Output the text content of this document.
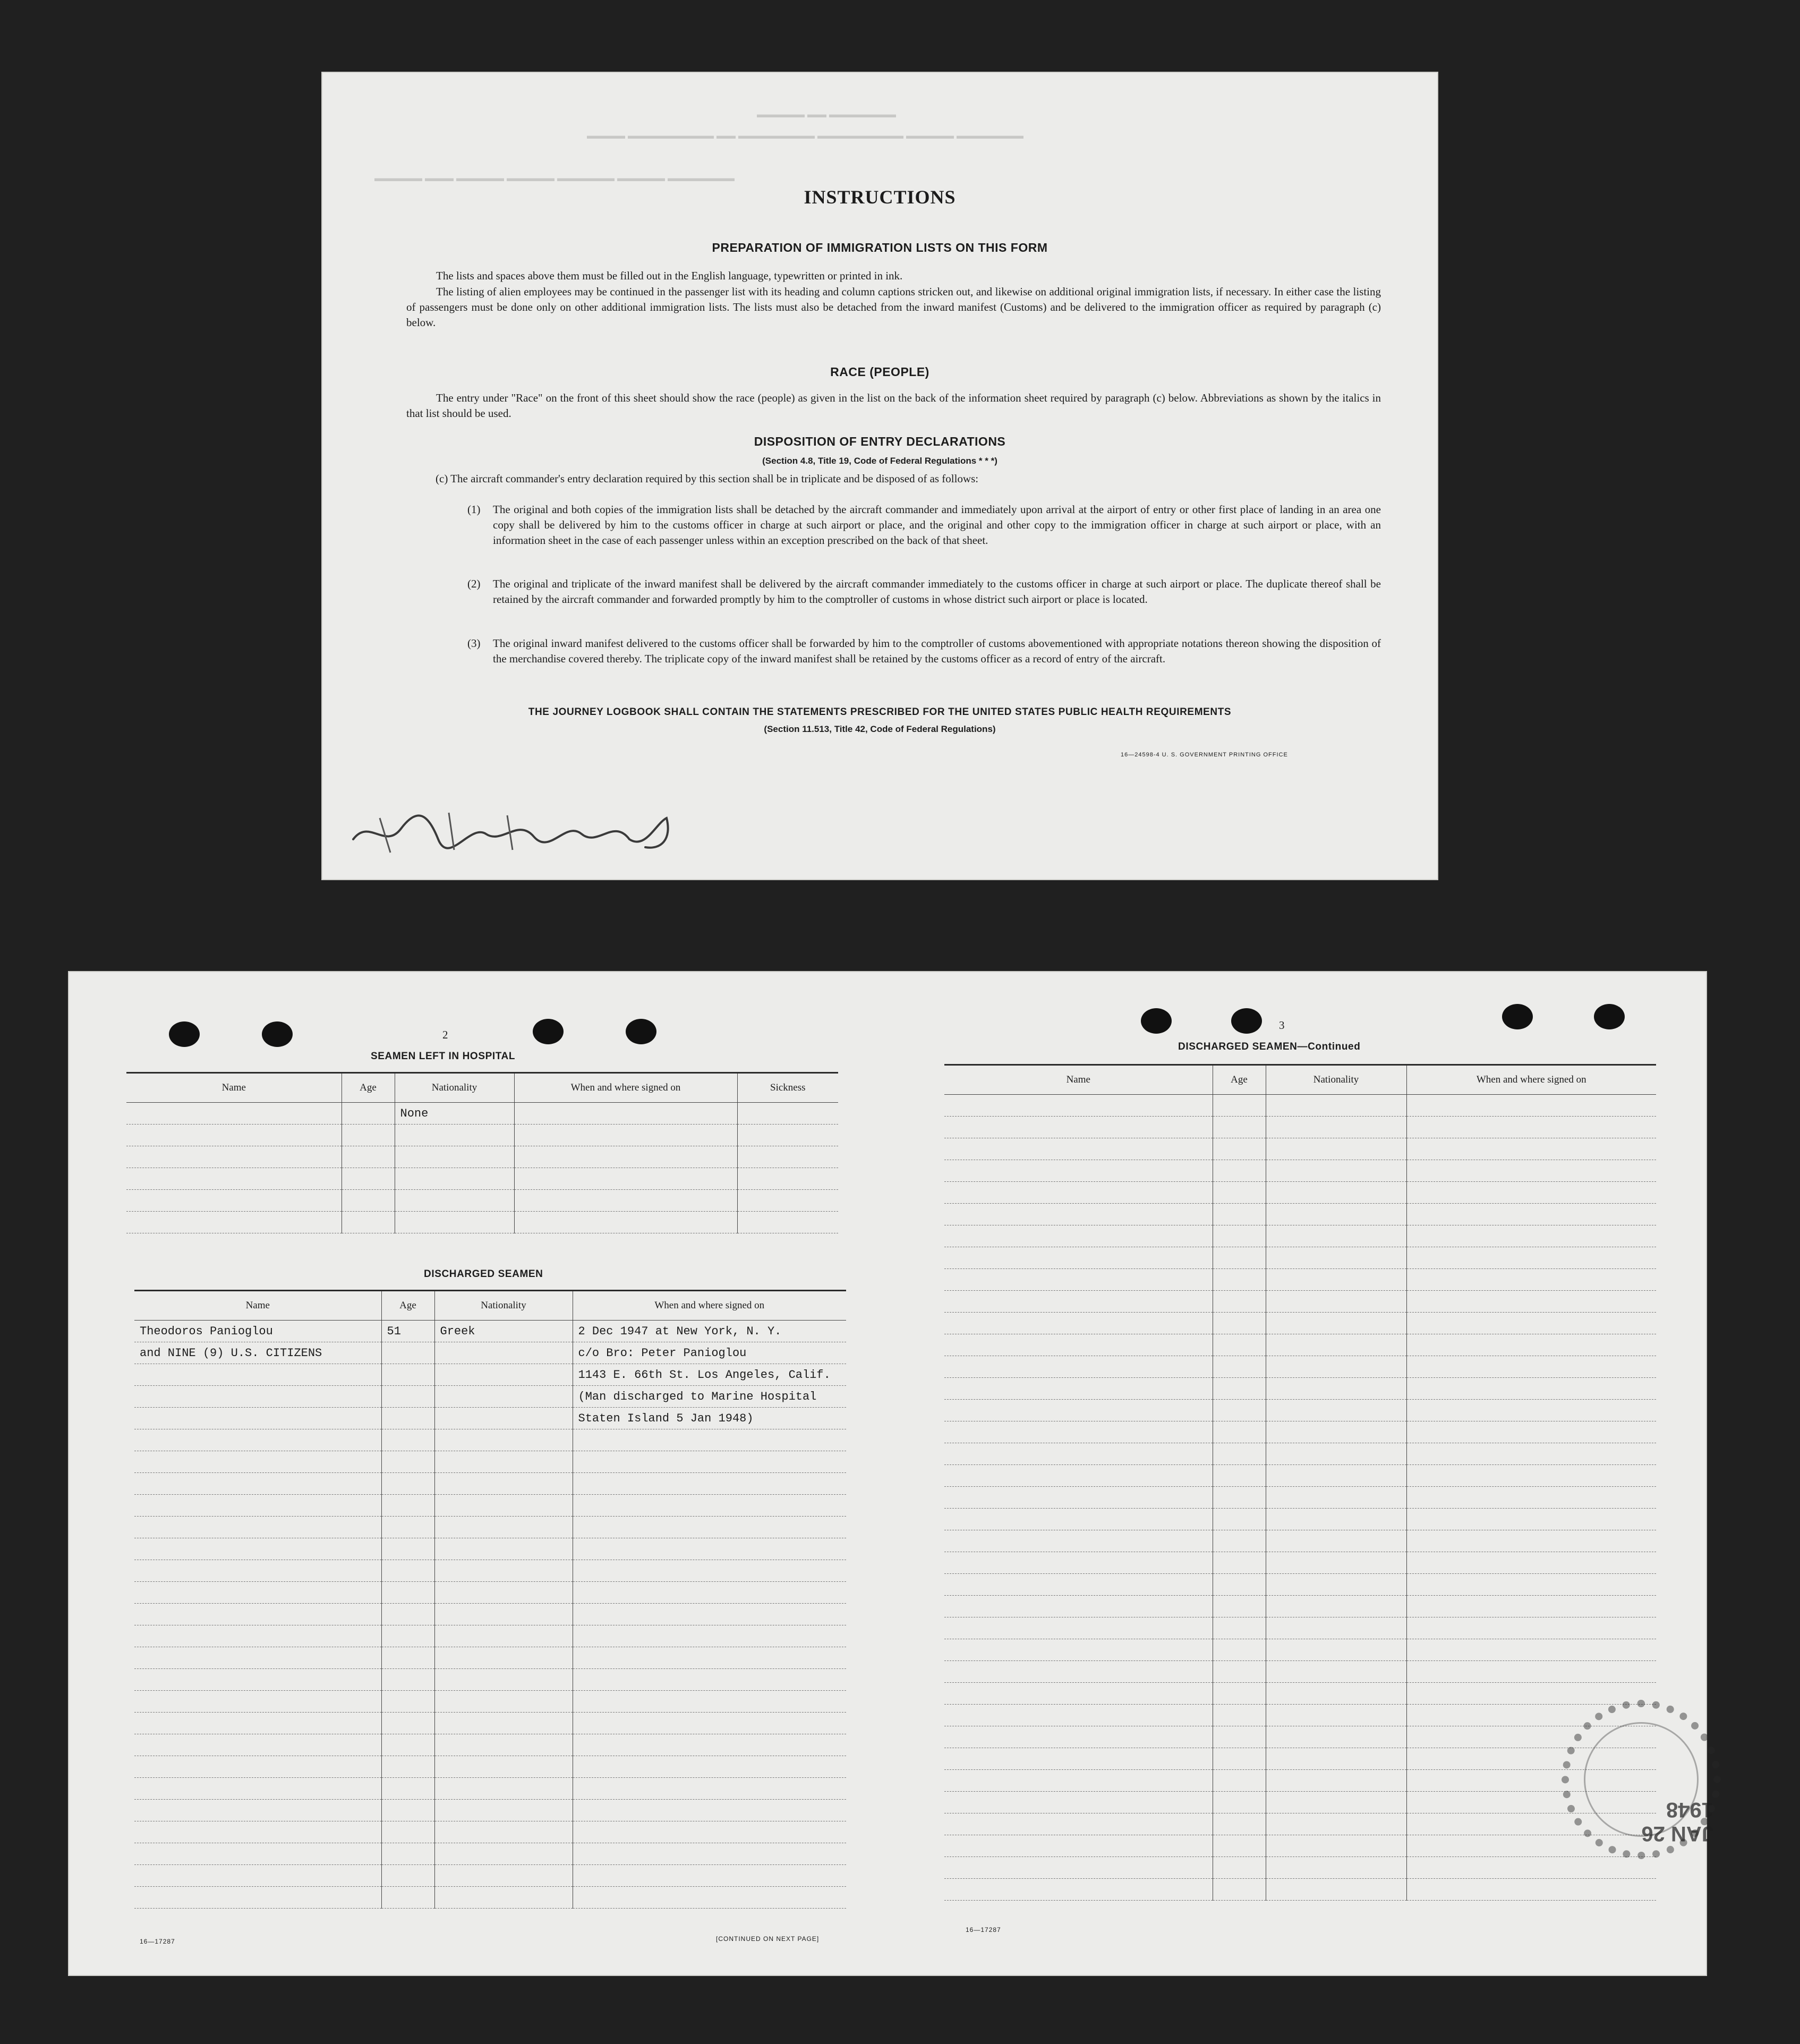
▬▬▬▬▬ ▬▬ ▬▬▬▬▬▬▬
▬▬▬▬ ▬▬▬▬▬▬▬▬▬ ▬▬ ▬▬▬▬▬▬▬▬ ▬▬▬▬▬▬▬▬▬ ▬▬▬▬▬ ▬▬▬▬▬▬▬
▬▬▬▬▬ ▬▬▬ ▬▬▬▬▬ ▬▬▬▬▬ ▬▬▬▬▬▬ ▬▬▬▬▬ ▬▬▬▬▬▬▬
INSTRUCTIONS
PREPARATION OF IMMIGRATION LISTS ON THIS FORM
The lists and spaces above them must be filled out in the English language, typewritten or printed in ink.
The listing of alien employees may be continued in the passenger list with its heading and column captions stricken out, and likewise on additional original immigration lists, if necessary. In either case the listing of passengers must be done only on other additional immigration lists. The lists must also be detached from the inward manifest (Customs) and be delivered to the immigration officer as required by paragraph (c) below.
RACE (PEOPLE)
The entry under "Race" on the front of this sheet should show the race (people) as given in the list on the back of the information sheet required by paragraph (c) below. Abbreviations as shown by the italics in that list should be used.
DISPOSITION OF ENTRY DECLARATIONS
(Section 4.8, Title 19, Code of Federal Regulations * * *)
(c) The aircraft commander's entry declaration required by this section shall be in triplicate and be disposed of as follows:
(1)	The original and both copies of the immigration lists shall be detached by the aircraft commander and immediately upon arrival at the airport of entry or other first place of landing in an area one copy shall be delivered by him to the customs officer in charge at such airport or place, and the original and other copy to the immigration officer in charge at such airport or place, with an information sheet in the case of each passenger unless within an exception prescribed on the back of that sheet.
(2)	The original and triplicate of the inward manifest shall be delivered by the aircraft commander immediately to the customs officer in charge at such airport or place. The duplicate thereof shall be retained by the aircraft commander and forwarded promptly by him to the comptroller of customs in whose district such airport or place is located.
(3)	The original inward manifest delivered to the customs officer shall be forwarded by him to the comptroller of customs abovementioned with appropriate notations thereon showing the disposition of the merchandise covered thereby. The triplicate copy of the inward manifest shall be retained by the customs officer as a record of entry of the aircraft.
THE JOURNEY LOGBOOK SHALL CONTAIN THE STATEMENTS PRESCRIBED FOR THE UNITED STATES PUBLIC HEALTH REQUIREMENTS
(Section 11.513, Title 42, Code of Federal Regulations)
16—24598-4 U. S. GOVERNMENT PRINTING OFFICE
2
SEAMEN LEFT IN HOSPITAL
Name	Age	Nationality	When and where signed on	Sickness
		None		

DISCHARGED SEAMEN
Name	Age	Nationality	When and where signed on
Theodoros Panioglou	51	Greek	2 Dec 1947 at New York, N. Y.
and NINE (9) U.S. CITIZENS			c/o Bro: Peter Panioglou
			1143 E. 66th St. Los Angeles, Calif.
			(Man discharged to Marine Hospital
			Staten Island 5 Jan 1948)

16—17287	[CONTINUED ON NEXT PAGE]
3
DISCHARGED SEAMEN—Continued
Name	Age	Nationality	When and where signed on

16—17287
JAN 26 1948
